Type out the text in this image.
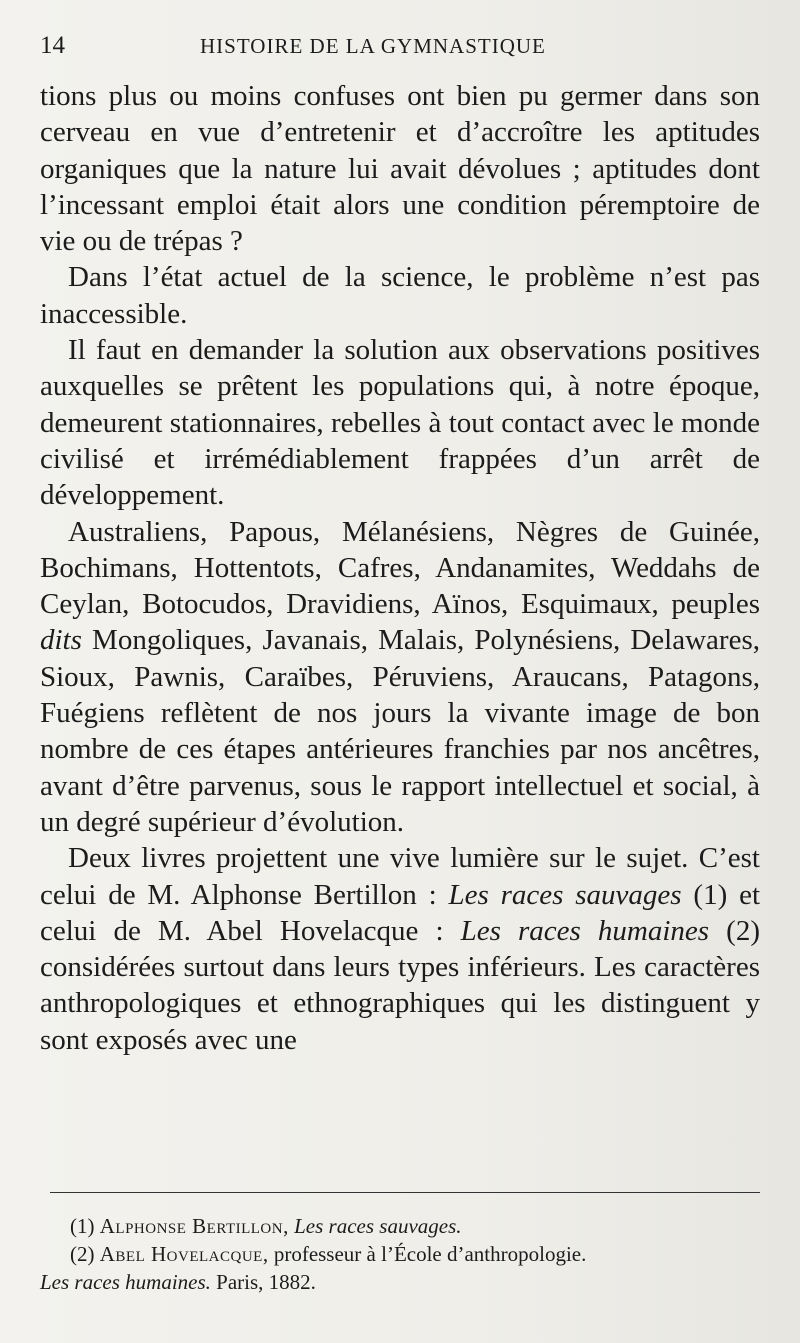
14	HISTOIRE DE LA GYMNASTIQUE

tions plus ou moins confuses ont bien pu germer dans son cerveau en vue d’entretenir et d’accroître les aptitudes organiques que la nature lui avait dévolues ; aptitudes dont l’incessant emploi était alors une condition péremptoire de vie ou de trépas ?

Dans l’état actuel de la science, le problème n’est pas inaccessible.

Il faut en demander la solution aux observations positives auxquelles se prêtent les populations qui, à notre époque, demeurent stationnaires, rebelles à tout contact avec le monde civilisé et irrémédiablement frappées d’un arrêt de développement.

Australiens, Papous, Mélanésiens, Nègres de Guinée, Bochimans, Hottentots, Cafres, Andanamites, Weddahs de Ceylan, Botocudos, Dravidiens, Aïnos, Esquimaux, peuples dits Mongoliques, Javanais, Malais, Polynésiens, Delawares, Sioux, Pawnis, Caraïbes, Péruviens, Araucans, Patagons, Fuégiens reflètent de nos jours la vivante image de bon nombre de ces étapes antérieures franchies par nos ancêtres, avant d’être parvenus, sous le rapport intellectuel et social, à un degré supérieur d’évolution.

Deux livres projettent une vive lumière sur le sujet. C’est celui de M. Alphonse Bertillon : Les races sauvages (1) et celui de M. Abel Hovelacque : Les races humaines (2) considérées surtout dans leurs types inférieurs. Les caractères anthropologiques et ethnographiques qui les distinguent y sont exposés avec une

(1) Alphonse Bertillon, Les races sauvages.

(2) Abel Hovelacque, professeur à l’École d’anthropologie.

Les races humaines. Paris, 1882.
